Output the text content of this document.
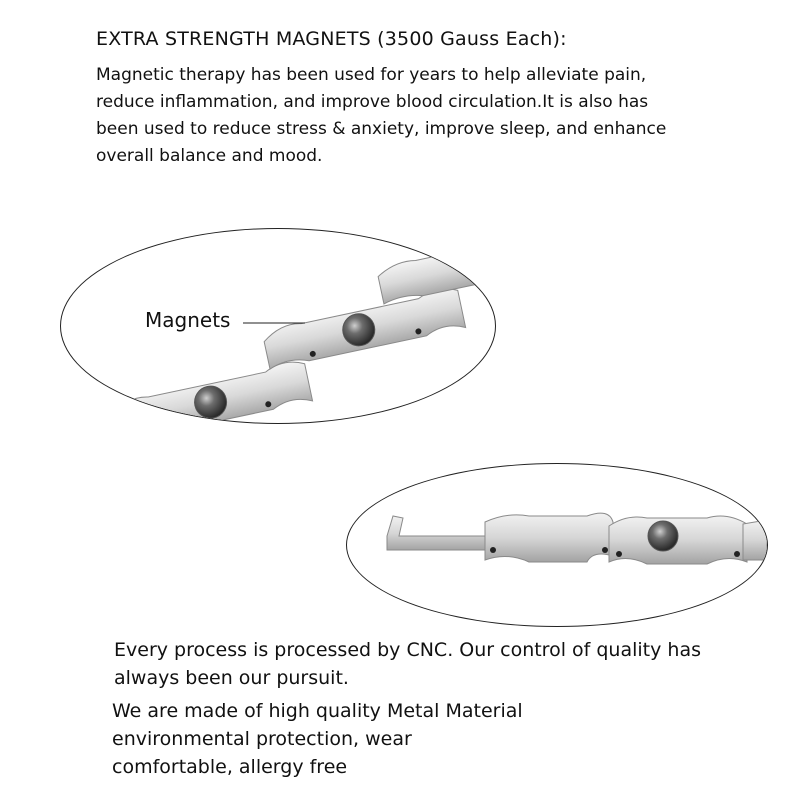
EXTRA STRENGTH MAGNETS (3500 Gauss Each):
Magnetic therapy has been used for years to help alleviate pain,
reduce inflammation, and improve blood circulation.It is also has
been used to reduce stress & anxiety, improve sleep, and enhance
overall balance and mood.
Magnets
Every process is processed by CNC. Our control of quality has
always been our pursuit.
We are made of high quality Metal Material
environmental protection, wear
comfortable, allergy free
